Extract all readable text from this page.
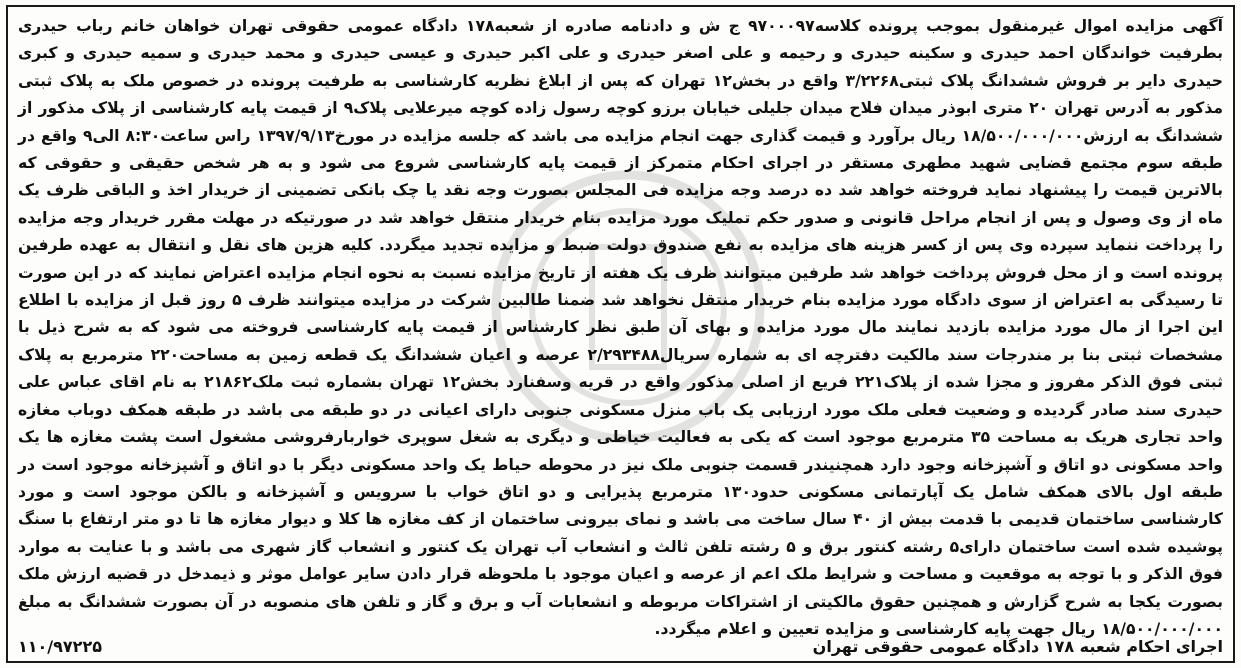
آگهی مزایده اموال غیرمنقول بموجب پرونده کلاسه۹۷۰۰۰۹۷ ج ش و دادنامه صادره از شعبه۱۷۸ دادگاه عمومی حقوقی تهران خواهان خانم رباب حیدری بطرفیت خواندگان احمد حیدری و سکینه حیدری و رحیمه و علی اصغر حیدری و علی اکبر حیدری و عیسی حیدری و محمد حیدری و سمیه حیدری و کبری حیدری دایر بر فروش ششدانگ پلاک ثبتی۳/۲۲۶۸ واقع در بخش۱۲ تهران که پس از ابلاغ نظریه کارشناسی به طرفیت پرونده در خصوص ملک به پلاک ثبتی مذکور به آدرس تهران ۲۰ متری ابوذر میدان فلاح میدان جلیلی خیابان برزو کوچه رسول زاده کوچه میرعلایی پلاک۹ از قیمت پایه کارشناسی از پلاک مذکور از ششدانگ به ارزش۱۸/۵۰۰/۰۰۰/۰۰۰ ریال برآورد و قیمت گذاری جهت انجام مزایده می باشد که جلسه مزایده در مورخ۱۳۹۷/۹/۱۳ راس ساعت۸:۳۰ الی۹ واقع در طبقه سوم مجتمع قضایی شهید مطهری مستقر در اجرای احکام متمرکز از قیمت پایه کارشناسی شروع می شود و به هر شخص حقیقی و حقوقی که بالاترین قیمت را پیشنهاد نماید فروخته خواهد شد ده درصد وجه مزایده فی المجلس بصورت وجه نقد یا چک بانکی تضمینی از خریدار اخذ و الباقی ظرف یک ماه از وی وصول و پس از انجام مراحل قانونی و صدور حکم تملیک مورد مزایده بنام خریدار منتقل خواهد شد در صورتیکه در مهلت مقرر خریدار وجه مزایده را پرداخت ننماید سپرده وی پس از کسر هزینه های مزایده به نفع صندوق دولت ضبط و مزایده تجدید میگردد. کلیه هزین های نقل و انتقال به عهده طرفین پرونده است و از محل فروش پرداخت خواهد شد طرفین میتوانند ظرف یک هفته از تاریخ مزایده نسبت به نحوه انجام مزایده اعتراض نمایند که در این صورت تا رسیدگی به اعتراض از سوی دادگاه مورد مزایده بنام خریدار منتقل نخواهد شد ضمنا طالبین شرکت در مزایده میتوانند ظرف ۵ روز قبل از مزایده با اطلاع این اجرا از مال مورد مزایده بازدید نمایند مال مورد مزایده و بهای آن طبق نظر کارشناس از قیمت پایه کارشناسی فروخته می شود که به شرح ذیل با مشخصات ثبتی بنا بر مندرجات سند مالکیت دفترچه ای به شماره سریال۲/۲۹۳۴۸۸ عرصه و اعیان ششدانگ یک قطعه زمین به مساحت۲۲۰ مترمربع به پلاک ثبتی فوق الذکر مفروز و مجزا شده از پلاک۲۲۱ فریع از اصلی مذکور واقع در قریه وسفنارد بخش۱۲ تهران بشماره ثبت ملک۲۱۸۶۲ به نام اقای عباس علی حیدری سند صادر گردیده و وضعیت فعلی ملک مورد ارزیابی یک باب منزل مسکونی جنوبی دارای اعیانی در دو طبقه می باشد در طبقه همکف دوباب مغازه واحد تجاری هریک به مساحت ۳۵ مترمربع موجود است که یکی به فعالیت خیاطی و دیگری به شغل سوپری خواربارفروشی مشغول است پشت مغازه ها یک واحد مسکونی دو اتاق و آشپزخانه وجود دارد همچنیندر قسمت جنوبی ملک نیز در محوطه حیاط یک واحد مسکونی دیگر با دو اتاق و آشپزخانه موجود است در طبقه اول بالای همکف شامل یک آپارتمانی مسکونی حدود۱۳۰ مترمربع پذیرایی و دو اتاق خواب با سرویس و آشپزخانه و بالکن موجود است و مورد کارشناسی ساختمان قدیمی با قدمت بیش از ۴۰ سال ساخت می باشد و نمای بیرونی ساختمان از کف مغازه ها کلا و دیوار مغازه ها تا دو متر ارتفاع با سنگ پوشیده شده است ساختمان دارای۵ رشته کنتور برق و ۵ رشته تلفن ثالث و انشعاب آب تهران یک کنتور و انشعاب گاز شهری می باشد و با عنایت به موارد فوق الذکر و با توجه به موقعیت و مساحت و شرایط ملک اعم از عرصه و اعیان موجود با ملحوظه قرار دادن سایر عوامل موثر و ذیمدخل در قضیه ارزش ملک بصورت یکجا به شرح گزارش و همچنین حقوق مالکیتی از اشتراکات مربوطه و انشعابات آب و برق و گاز و تلفن های منصوبه در آن بصورت ششدانگ به مبلغ ۱۸/۵۰۰/۰۰۰/۰۰۰ ریال جهت پایه کارشناسی و مزایده تعیین و اعلام میگردد.

اجرای احکام شعبه ۱۷۸ دادگاه عمومی حقوقی تهران
۱۱۰/۹۷۲۲۵
